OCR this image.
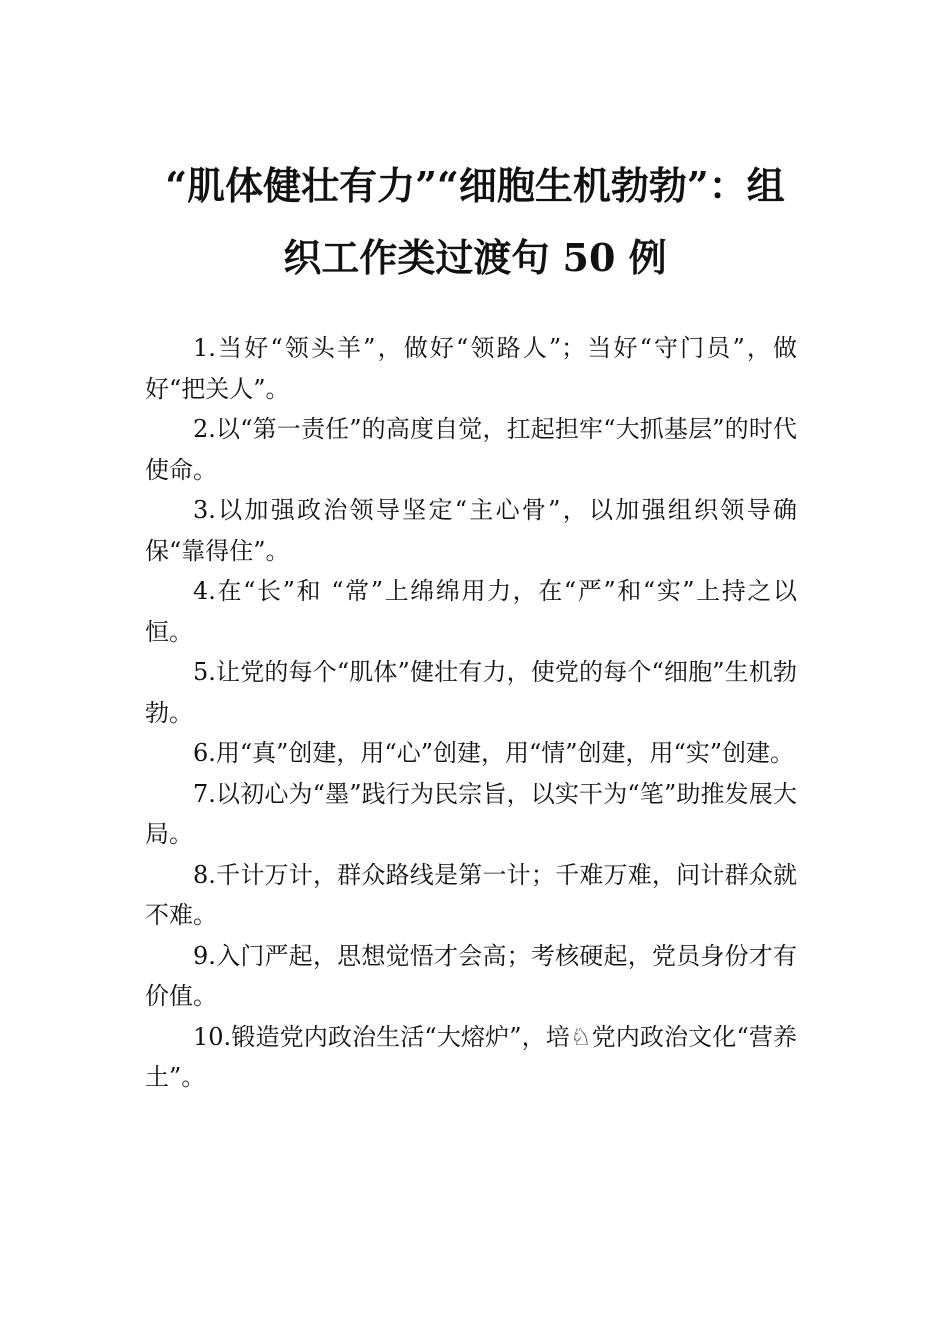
“肌体健壮有力”“细胞生机勃勃”：组
织工作类过渡句 50 例

1.当好“领头羊”，做好“领路人”；当好“守门员”，做好“把关人”。

2.以“第一责任”的高度自觉，扛起担牢“大抓基层”的时代使命。

3.以加强政治领导坚定“主心骨”，以加强组织领导确保“靠得住”。

4.在“长”和 “常”上绵绵用力，在“严”和“实”上持之以恒。

5.让党的每个“肌体”健壮有力，使党的每个“细胞”生机勃勃。

6.用“真”创建，用“心”创建，用“情”创建，用“实”创建。

7.以初心为“墨”践行为民宗旨，以实干为“笔”助推发展大局。

8.千计万计，群众路线是第一计；千难万难，问计群众就不难。

9.入门严起，思想觉悟才会高；考核硬起，党员身份才有价值。

10.锻造党内政治生活“大熔炉”，培♘党内政治文化“营养土”。
